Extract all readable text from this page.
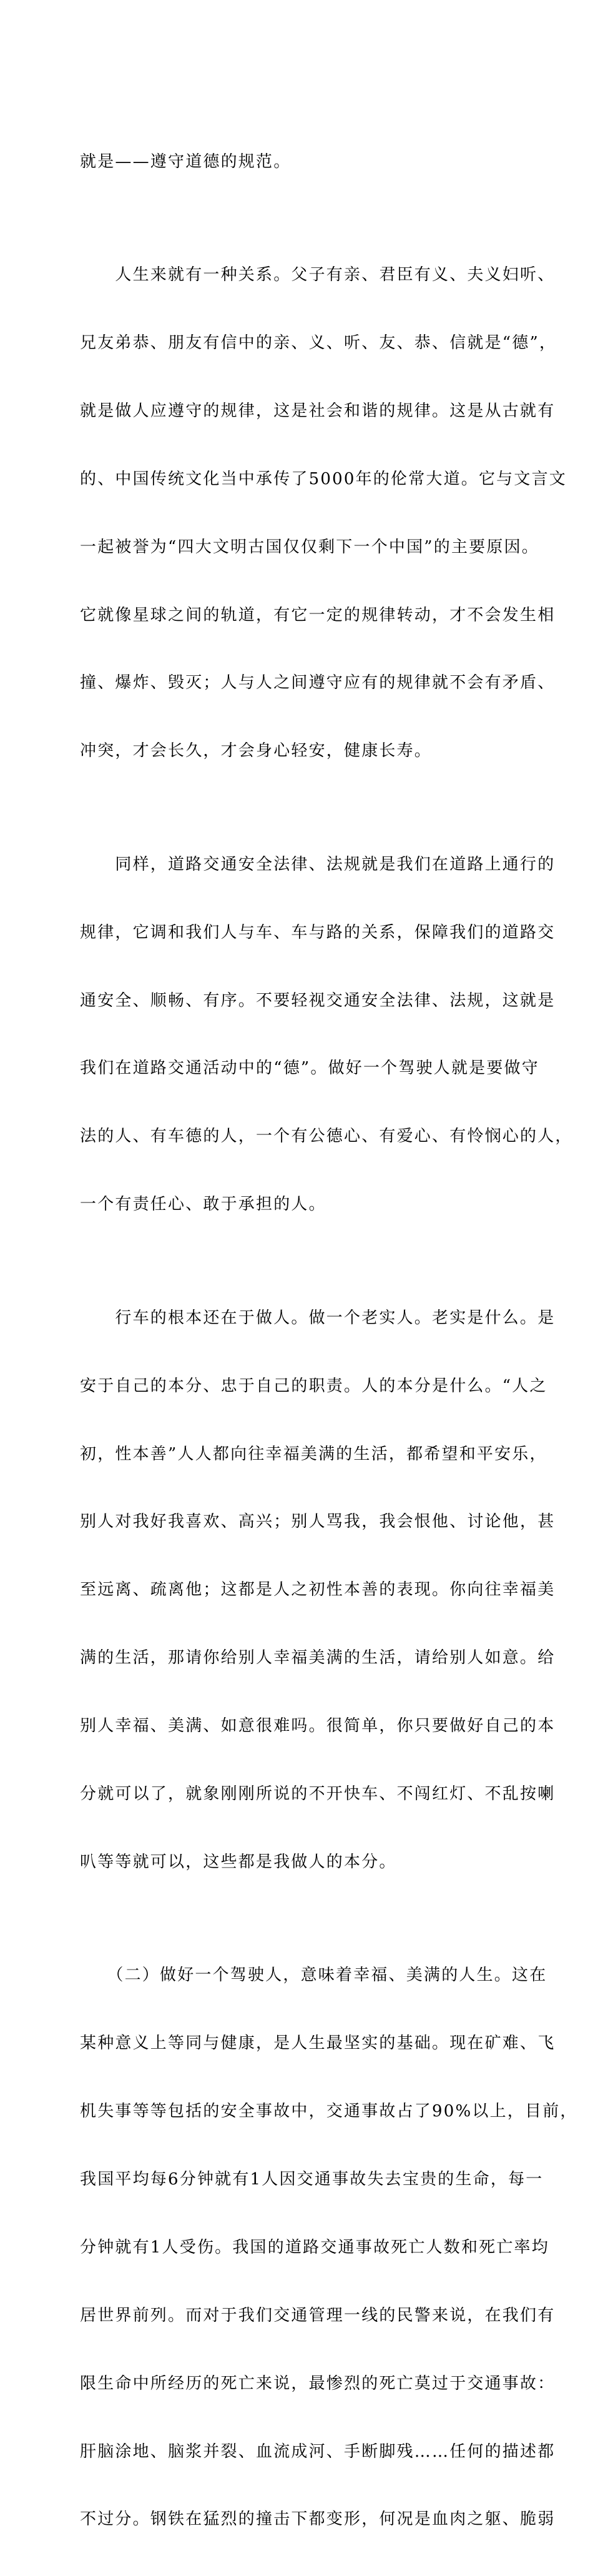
就是——遵守道德的规范。

　　人生来就有一种关系。父子有亲、君臣有义、夫义妇听、

兄友弟恭、朋友有信中的亲、义、听、友、恭、信就是“德”，

就是做人应遵守的规律，这是社会和谐的规律。这是从古就有

的、中国传统文化当中承传了5000年的伦常大道。它与文言文

一起被誉为“四大文明古国仅仅剩下一个中国”的主要原因。

它就像星球之间的轨道，有它一定的规律转动，才不会发生相

撞、爆炸、毁灭；人与人之间遵守应有的规律就不会有矛盾、

冲突，才会长久，才会身心轻安，健康长寿。

　　同样，道路交通安全法律、法规就是我们在道路上通行的

规律，它调和我们人与车、车与路的关系，保障我们的道路交

通安全、顺畅、有序。不要轻视交通安全法律、法规，这就是

我们在道路交通活动中的“德”。做好一个驾驶人就是要做守

法的人、有车德的人，一个有公德心、有爱心、有怜悯心的人，

一个有责任心、敢于承担的人。

　　行车的根本还在于做人。做一个老实人。老实是什么。是

安于自己的本分、忠于自己的职责。人的本分是什么。“人之

初，性本善”人人都向往幸福美满的生活，都希望和平安乐，

别人对我好我喜欢、高兴；别人骂我，我会恨他、讨论他，甚

至远离、疏离他；这都是人之初性本善的表现。你向往幸福美

满的生活，那请你给别人幸福美满的生活，请给别人如意。给

别人幸福、美满、如意很难吗。很简单，你只要做好自己的本

分就可以了，就象刚刚所说的不开快车、不闯红灯、不乱按喇

叭等等就可以，这些都是我做人的本分。

　　（二）做好一个驾驶人，意味着幸福、美满的人生。这在

某种意义上等同与健康，是人生最坚实的基础。现在矿难、飞

机失事等等包括的安全事故中，交通事故占了90%以上，目前，

我国平均每6分钟就有1人因交通事故失去宝贵的生命，每一

分钟就有1人受伤。我国的道路交通事故死亡人数和死亡率均

居世界前列。而对于我们交通管理一线的民警来说，在我们有

限生命中所经历的死亡来说，最惨烈的死亡莫过于交通事故：

肝脑涂地、脑浆并裂、血流成河、手断脚残……任何的描述都

不过分。钢铁在猛烈的撞击下都变形，何况是血肉之躯、脆弱
